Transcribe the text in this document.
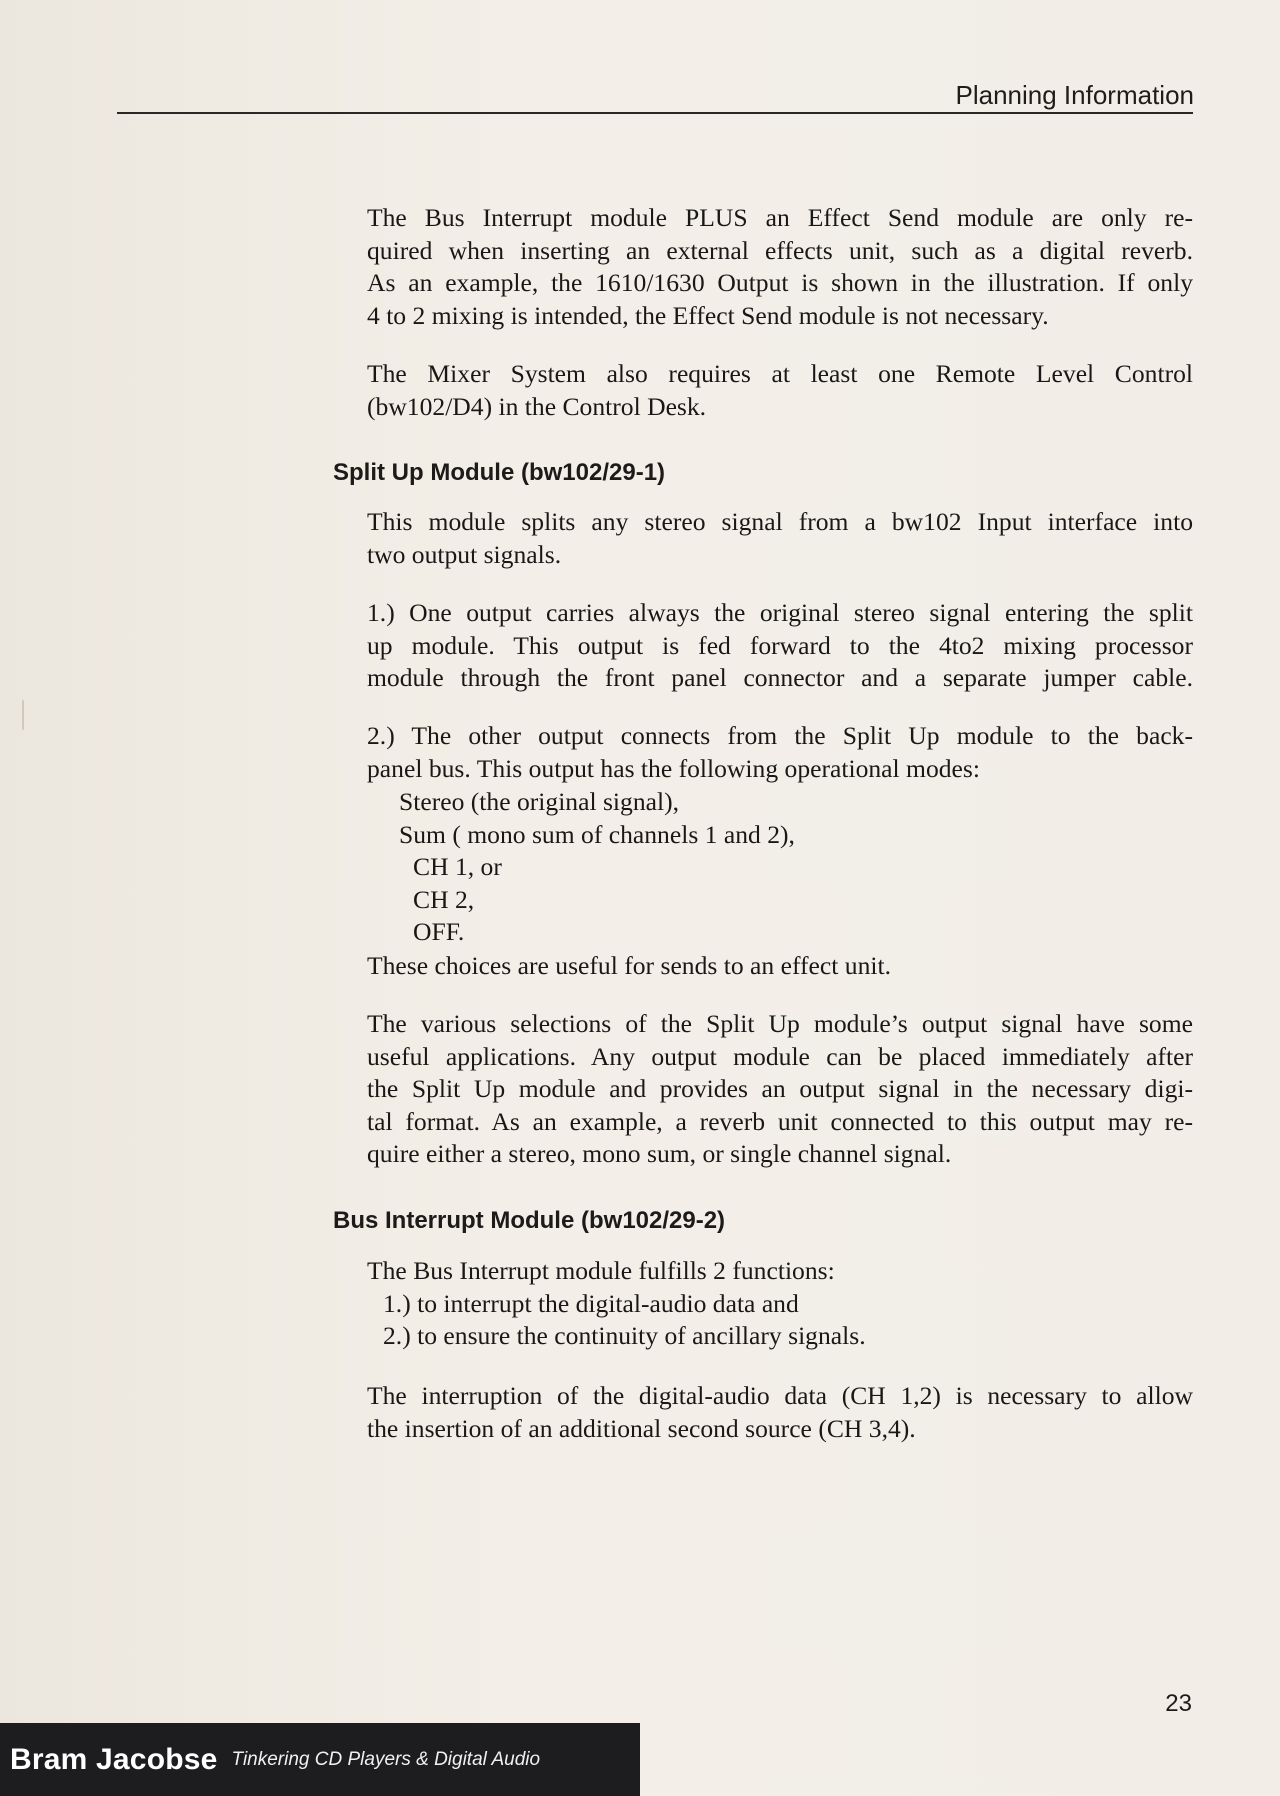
Planning Information
The Bus Interrupt module PLUS an Effect Send module are only re-
quired when inserting an external effects unit, such as a digital reverb.
As an example, the 1610/1630 Output is shown in the illustration. If only
4 to 2 mixing is intended, the Effect Send module is not necessary.
The Mixer System also requires at least one Remote Level Control
(bw102/D4) in the Control Desk.
Split Up Module (bw102/29-1)
This module splits any stereo signal from a bw102 Input interface into
two output signals.
1.) One output carries always the original stereo signal entering the split
up module. This output is fed forward to the 4to2 mixing processor
module through the front panel connector and a separate jumper cable.
2.) The other output connects from the Split Up module to the back-
panel bus. This output has the following operational modes:
Stereo (the original signal),
Sum ( mono sum of channels 1 and 2),
CH 1, or
CH 2,
OFF.
These choices are useful for sends to an effect unit.
The various selections of the Split Up module’s output signal have some
useful applications. Any output module can be placed immediately after
the Split Up module and provides an output signal in the necessary digi-
tal format. As an example, a reverb unit connected to this output may re-
quire either a stereo, mono sum, or single channel signal.
Bus Interrupt Module (bw102/29-2)
The Bus Interrupt module fulfills 2 functions:
1.) to interrupt the digital-audio data and
2.) to ensure the continuity of ancillary signals.
The interruption of the digital-audio data (CH 1,2) is necessary to allow
the insertion of an additional second source (CH 3,4).
23
Bram Jacobse Tinkering CD Players & Digital Audio
